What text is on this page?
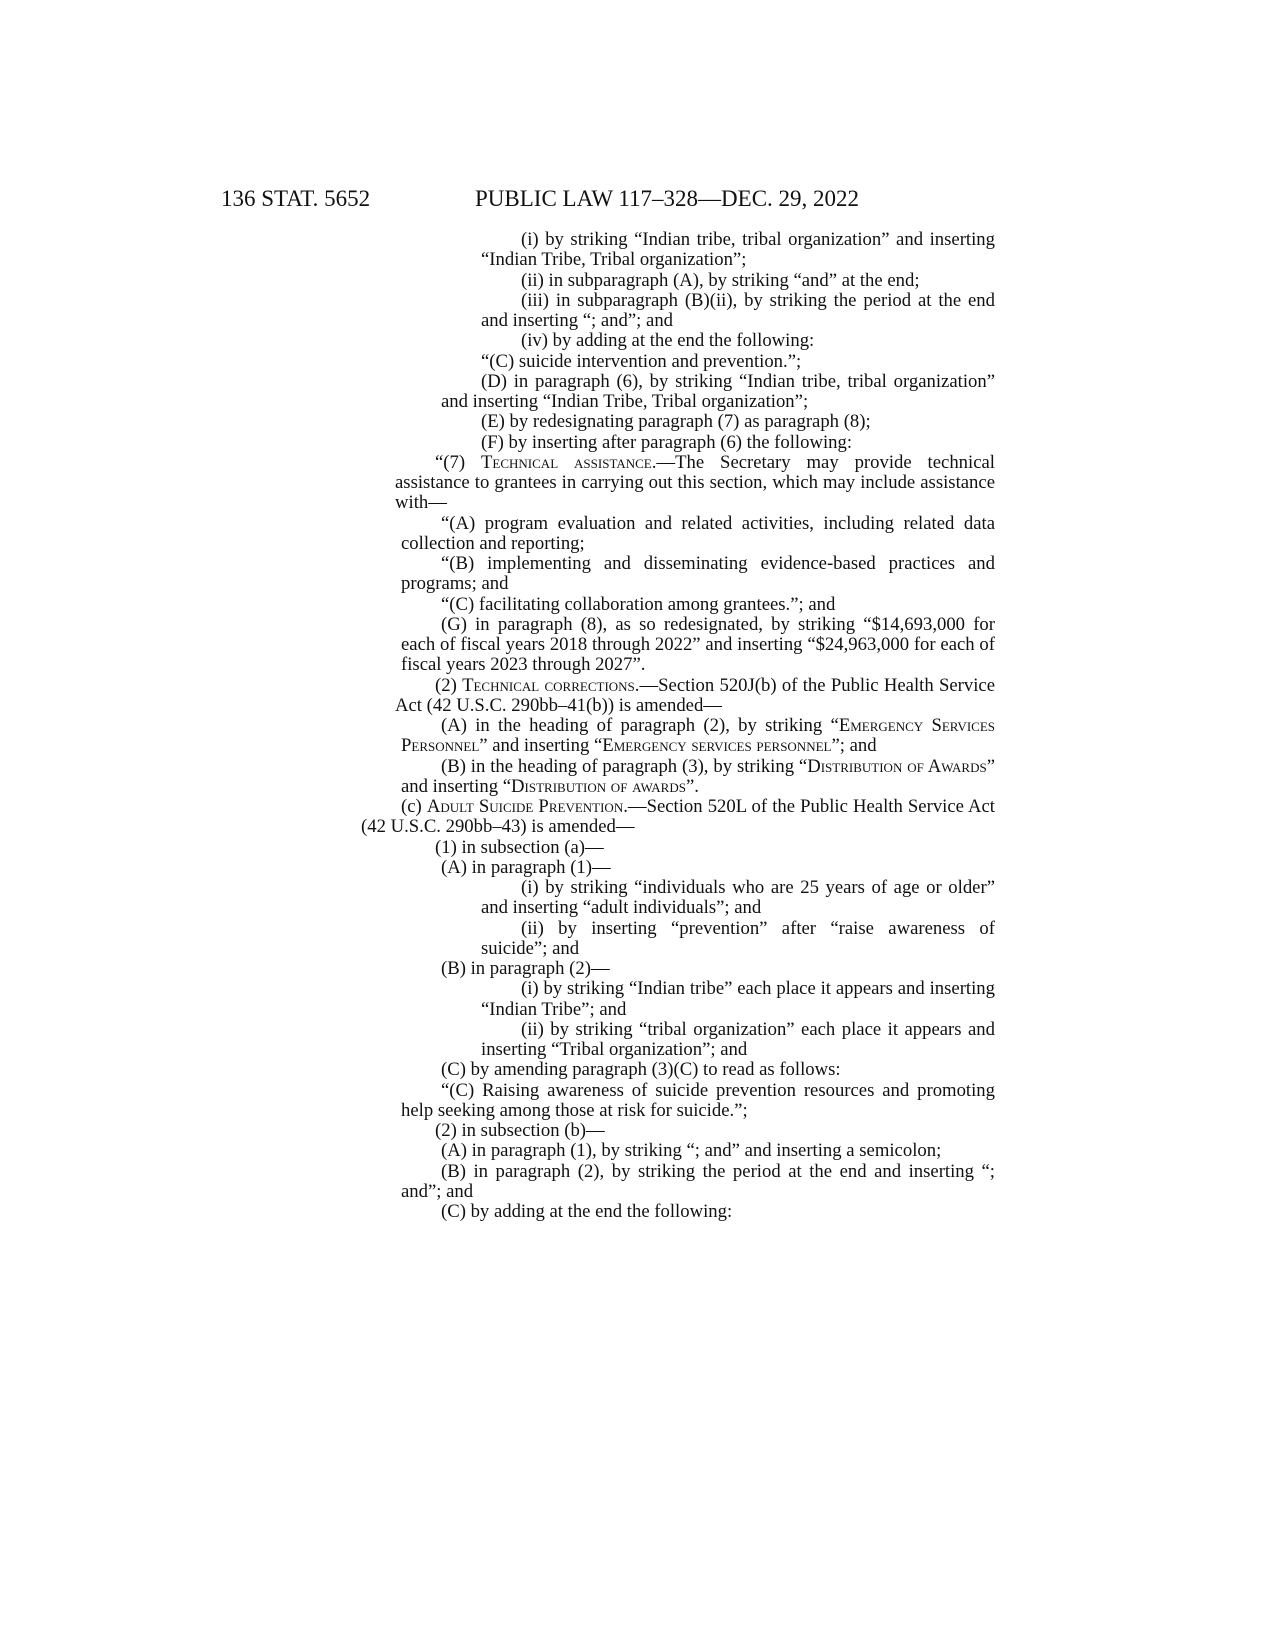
136 STAT. 5652	PUBLIC LAW 117–328—DEC. 29, 2022
(i) by striking “Indian tribe, tribal organization” and inserting “Indian Tribe, Tribal organization”;
(ii) in subparagraph (A), by striking “and” at the end;
(iii) in subparagraph (B)(ii), by striking the period at the end and inserting “; and”; and
(iv) by adding at the end the following:
“(C) suicide intervention and prevention.”;
(D) in paragraph (6), by striking “Indian tribe, tribal organization” and inserting “Indian Tribe, Tribal organization”;
(E) by redesignating paragraph (7) as paragraph (8);
(F) by inserting after paragraph (6) the following:
“(7) Technical assistance.—The Secretary may provide technical assistance to grantees in carrying out this section, which may include assistance with—
“(A) program evaluation and related activities, including related data collection and reporting;
“(B) implementing and disseminating evidence-based practices and programs; and
“(C) facilitating collaboration among grantees.”; and
(G) in paragraph (8), as so redesignated, by striking “$14,693,000 for each of fiscal years 2018 through 2022” and inserting “$24,963,000 for each of fiscal years 2023 through 2027”.
(2) Technical corrections.—Section 520J(b) of the Public Health Service Act (42 U.S.C. 290bb–41(b)) is amended—
(A) in the heading of paragraph (2), by striking “Emergency Services Personnel” and inserting “Emergency services personnel”; and
(B) in the heading of paragraph (3), by striking “Distribution of Awards” and inserting “Distribution of awards”.
(c) Adult Suicide Prevention.—Section 520L of the Public Health Service Act (42 U.S.C. 290bb–43) is amended—
(1) in subsection (a)—
(A) in paragraph (1)—
(i) by striking “individuals who are 25 years of age or older” and inserting “adult individuals”; and
(ii) by inserting “prevention” after “raise awareness of suicide”; and
(B) in paragraph (2)—
(i) by striking “Indian tribe” each place it appears and inserting “Indian Tribe”; and
(ii) by striking “tribal organization” each place it appears and inserting “Tribal organization”; and
(C) by amending paragraph (3)(C) to read as follows:
“(C) Raising awareness of suicide prevention resources and promoting help seeking among those at risk for suicide.”;
(2) in subsection (b)—
(A) in paragraph (1), by striking “; and” and inserting a semicolon;
(B) in paragraph (2), by striking the period at the end and inserting “; and”; and
(C) by adding at the end the following:
